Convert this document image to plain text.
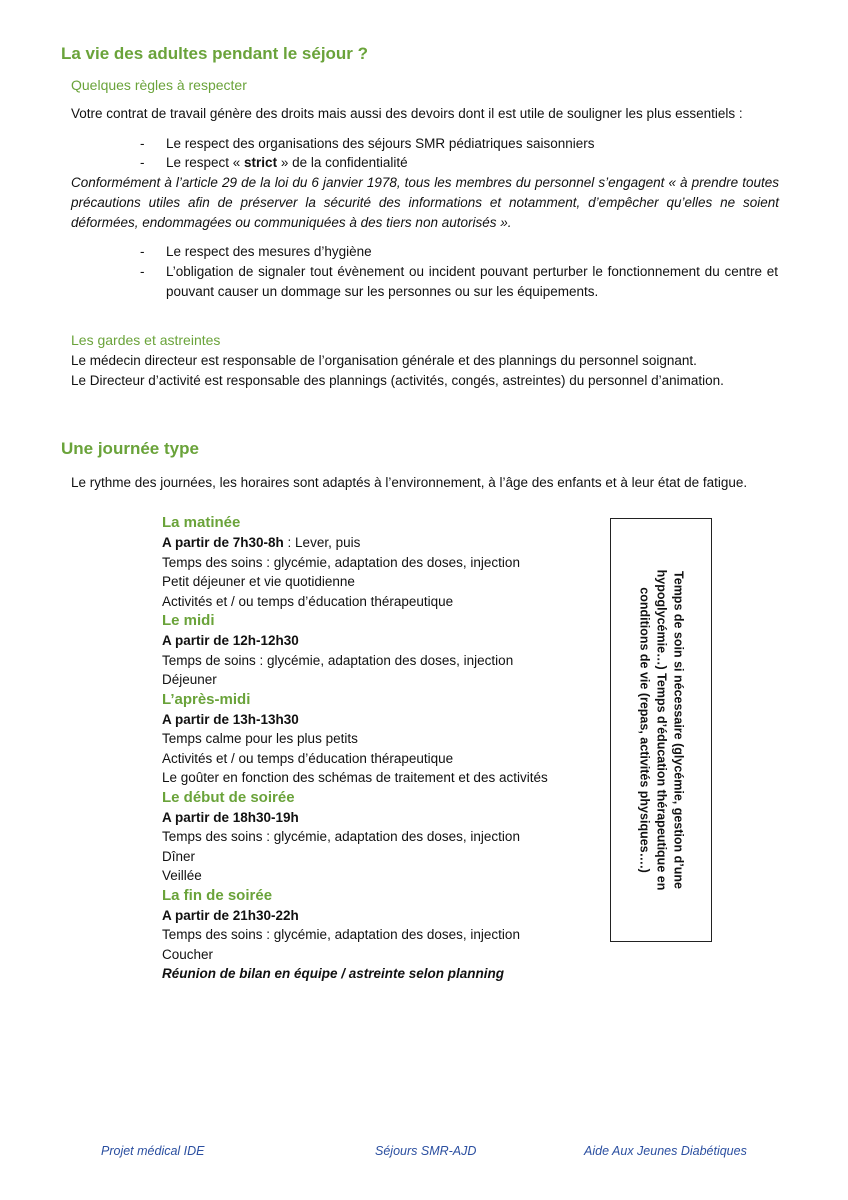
La vie des adultes pendant le séjour ?
Quelques règles à respecter
Votre contrat de travail génère des droits mais aussi des devoirs dont il est utile de souligner les plus essentiels :
- Le respect des organisations des séjours SMR pédiatriques saisonniers
- Le respect « strict » de la confidentialité
Conformément à l’article 29 de la loi du 6 janvier 1978, tous les membres du personnel s’engagent « à prendre toutes précautions utiles afin de préserver la sécurité des informations et notamment, d’empêcher qu’elles ne soient déformées, endommagées ou communiquées à des tiers non autorisés ».
- Le respect des mesures d’hygiène
- L’obligation de signaler tout évènement ou incident pouvant perturber le fonctionnement du centre et pouvant causer un dommage sur les personnes ou sur les équipements.
Les gardes et astreintes
Le médecin directeur est responsable de l’organisation générale et des plannings du personnel soignant.
Le Directeur d’activité est responsable des plannings (activités, congés, astreintes) du personnel d’animation.
Une journée type
Le rythme des journées, les horaires sont adaptés à l’environnement, à l’âge des enfants et à leur état de fatigue.
La matinée
A partir de 7h30-8h : Lever, puis
Temps des soins : glycémie, adaptation des doses, injection
Petit déjeuner et vie quotidienne
Activités et / ou temps d’éducation thérapeutique
Le midi
A partir de 12h-12h30
Temps de soins : glycémie, adaptation des doses, injection
Déjeuner
L’après-midi
A partir de 13h-13h30
Temps calme pour les plus petits
Activités et / ou temps d’éducation thérapeutique
Le goûter en fonction des schémas de traitement et des activités
Le début de soirée
A partir de 18h30-19h
Temps des soins : glycémie, adaptation des doses, injection
Dîner
Veillée
La fin de soirée
A partir de 21h30-22h
Temps des soins : glycémie, adaptation des doses, injection
Coucher
Réunion de bilan en équipe / astreinte selon planning
Temps de soin si nécessaire (glycémie, gestion d’une hypoglycémie…) Temps d’éducation thérapeutique en conditions de vie (repas, activités physiques….)
Projet médical IDE	Séjours SMR-AJD	Aide Aux Jeunes Diabétiques
